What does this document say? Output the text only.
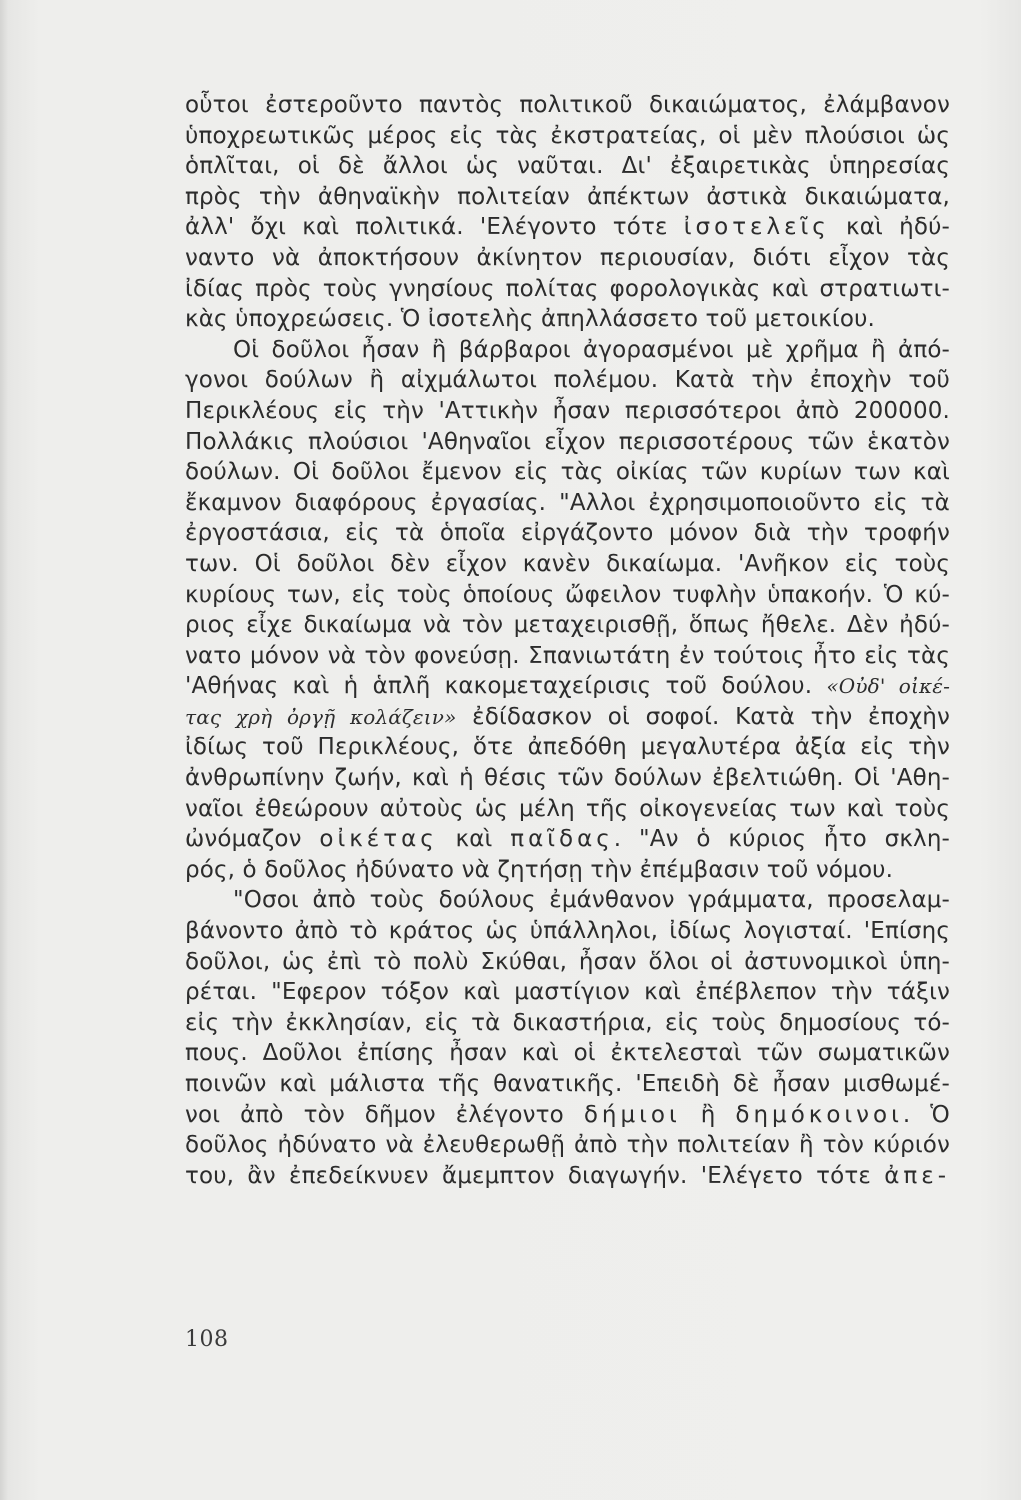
οὗτοι ἐστεροῦντο παντὸς πολιτικοῦ δικαιώματος, ἐλάμβανον
ὑποχρεωτικῶς μέρος εἰς τὰς ἐκστρατείας, οἱ μὲν πλούσιοι ὡς
ὁπλῖται, οἱ δὲ ἄλλοι ὡς ναῦται. Δι' ἐξαιρετικὰς ὑπηρεσίας
πρὸς τὴν ἀθηναϊκὴν πολιτείαν ἀπέκτων ἀστικὰ δικαιώματα,
ἀλλ' ὄχι καὶ πολιτικά. 'Ελέγοντο τότε ἰσοτελεῖς καὶ ἠδύ-
ναντο νὰ ἀποκτήσουν ἀκίνητον περιουσίαν, διότι εἶχον τὰς
ἰδίας πρὸς τοὺς γνησίους πολίτας φορολογικὰς καὶ στρατιωτι-
κὰς ὑποχρεώσεις. Ὁ ἰσοτελὴς ἀπηλλάσσετο τοῦ μετοικίου.
Οἱ δοῦλοι ἦσαν ἢ βάρβαροι ἀγορασμένοι μὲ χρῆμα ἢ ἀπό-
γονοι δούλων ἢ αἰχμάλωτοι πολέμου. Κατὰ τὴν ἐποχὴν τοῦ
Περικλέους εἰς τὴν 'Αττικὴν ἦσαν περισσότεροι ἀπὸ 200000.
Πολλάκις πλούσιοι 'Αθηναῖοι εἶχον περισσοτέρους τῶν ἑκατὸν
δούλων. Οἱ δοῦλοι ἔμενον εἰς τὰς οἰκίας τῶν κυρίων των καὶ
ἔκαμνον διαφόρους ἐργασίας. "Αλλοι ἐχρησιμοποιοῦντο εἰς τὰ
ἐργοστάσια, εἰς τὰ ὁποῖα εἰργάζοντο μόνον διὰ τὴν τροφήν
των. Οἱ δοῦλοι δὲν εἶχον κανὲν δικαίωμα. 'Ανῆκον εἰς τοὺς
κυρίους των, εἰς τοὺς ὁποίους ὤφειλον τυφλὴν ὑπακοήν. Ὁ κύ-
ριος εἶχε δικαίωμα νὰ τὸν μεταχειρισθῇ, ὅπως ἤθελε. Δὲν ἠδύ-
νατο μόνον νὰ τὸν φονεύσῃ. Σπανιωτάτη ἐν τούτοις ἦτο εἰς τὰς
'Αθήνας καὶ ἡ ἁπλῆ κακομεταχείρισις τοῦ δούλου. «Οὐδ' οἰκέ-
τας χρὴ ὀργῇ κολάζειν» ἐδίδασκον οἱ σοφοί. Κατὰ τὴν ἐποχὴν
ἰδίως τοῦ Περικλέους, ὅτε ἀπεδόθη μεγαλυτέρα ἀξία εἰς τὴν
ἀνθρωπίνην ζωήν, καὶ ἡ θέσις τῶν δούλων ἐβελτιώθη. Οἱ 'Αθη-
ναῖοι ἐθεώρουν αὐτοὺς ὡς μέλη τῆς οἰκογενείας των καὶ τοὺς
ὠνόμαζον οἰκέτας καὶ παῖδας. "Αν ὁ κύριος ἦτο σκλη-
ρός, ὁ δοῦλος ἠδύνατο νὰ ζητήσῃ τὴν ἐπέμβασιν τοῦ νόμου.
"Οσοι ἀπὸ τοὺς δούλους ἐμάνθανον γράμματα, προσελαμ-
βάνοντο ἀπὸ τὸ κράτος ὡς ὑπάλληλοι, ἰδίως λογισταί. 'Επίσης
δοῦλοι, ὡς ἐπὶ τὸ πολὺ Σκύθαι, ἦσαν ὅλοι οἱ ἀστυνομικοὶ ὑπη-
ρέται. "Εφερον τόξον καὶ μαστίγιον καὶ ἐπέβλεπον τὴν τάξιν
εἰς τὴν ἐκκλησίαν, εἰς τὰ δικαστήρια, εἰς τοὺς δημοσίους τό-
πους. Δοῦλοι ἐπίσης ἦσαν καὶ οἱ ἐκτελεσταὶ τῶν σωματικῶν
ποινῶν καὶ μάλιστα τῆς θανατικῆς. 'Επειδὴ δὲ ἦσαν μισθωμέ-
νοι ἀπὸ τὸν δῆμον ἐλέγοντο δήμιοι ἢ δημόκοινοι. Ὁ
δοῦλος ἠδύνατο νὰ ἐλευθερωθῇ ἀπὸ τὴν πολιτείαν ἢ τὸν κύριόν
του, ἂν ἐπεδείκνυεν ἄμεμπτον διαγωγήν. 'Ελέγετο τότε ἀπε-
108
